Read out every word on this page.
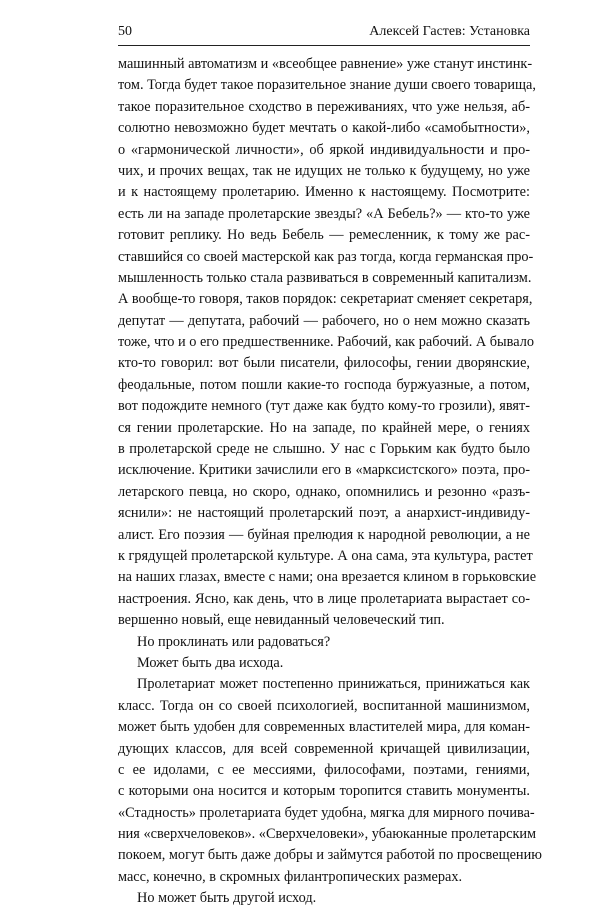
50	Алексей Гастев: Установка
машинный автоматизм и «всеобщее равнение» уже станут инстинк-
том. Тогда будет такое поразительное знание души своего товарища,
такое поразительное сходство в переживаниях, что уже нельзя, аб-
солютно невозможно будет мечтать о какой-либо «самобытности»,
о «гармонической личности», об яркой индивидуальности и про-
чих, и прочих вещах, так не идущих не только к будущему, но уже
и к настоящему пролетарию. Именно к настоящему. Посмотрите:
есть ли на западе пролетарские звезды? «А Бебель?» — кто-то уже
готовит реплику. Но ведь Бебель — ремесленник, к тому же рас-
ставшийся со своей мастерской как раз тогда, когда германская про-
мышленность только стала развиваться в современный капитализм.
А вообще-то говоря, таков порядок: секретариат сменяет секретаря,
депутат — депутата, рабочий — рабочего, но о нем можно сказать
тоже, что и о его предшественнике. Рабочий, как рабочий. А бывало
кто-то говорил: вот были писатели, философы, гении дворянские,
феодальные, потом пошли какие-то господа буржуазные, а потом,
вот подождите немного (тут даже как будто кому-то грозили), явят-
ся гении пролетарские. Но на западе, по крайней мере, о гениях
в пролетарской среде не слышно. У нас с Горьким как будто было
исключение. Критики зачислили его в «марксистского» поэта, про-
летарского певца, но скоро, однако, опомнились и резонно «разъ-
яснили»: не настоящий пролетарский поэт, а анархист-индивиду-
алист. Его поэзия — буйная прелюдия к народной революции, а не
к грядущей пролетарской культуре. А она сама, эта культура, растет
на наших глазах, вместе с нами; она врезается клином в горьковские
настроения. Ясно, как день, что в лице пролетариата вырастает со-
вершенно новый, еще невиданный человеческий тип.
Но проклинать или радоваться?
Может быть два исхода.
Пролетариат может постепенно принижаться, принижаться как
класс. Тогда он со своей психологией, воспитанной машинизмом,
может быть удобен для современных властителей мира, для коман-
дующих классов, для всей современной кричащей цивилизации,
с ее идолами, с ее мессиями, философами, поэтами, гениями,
с которыми она носится и которым торопится ставить монументы.
«Стадность» пролетариата будет удобна, мягка для мирного почива-
ния «сверхчеловеков». «Сверхчеловеки», убаюканные пролетарским
покоем, могут быть даже добры и займутся работой по просвещению
масс, конечно, в скромных филантропических размерах.
Но может быть другой исход.
